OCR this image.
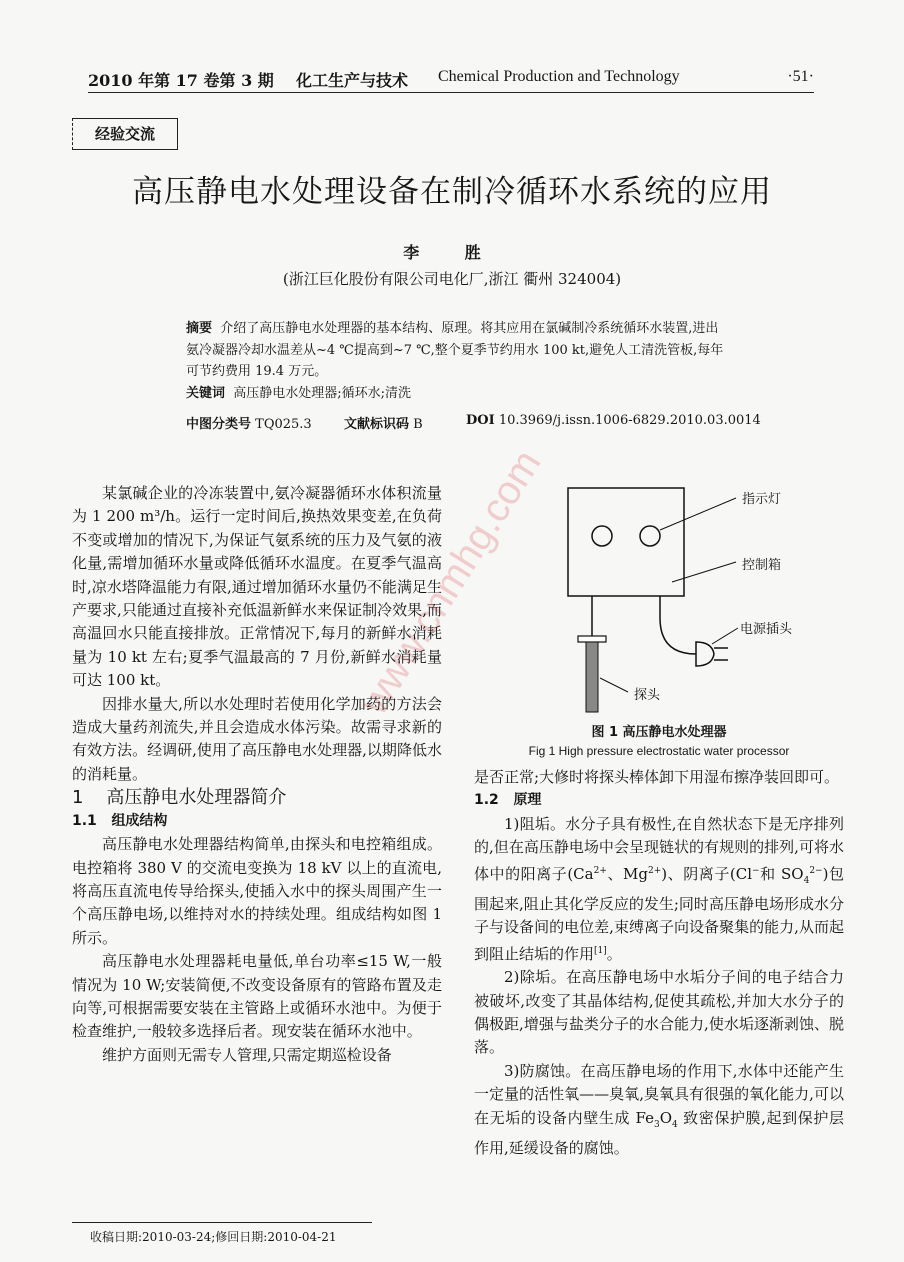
2010 年第 17 卷第 3 期 化工生产与技术 Chemical Production and Technology	·51·
经验交流
高压静电水处理设备在制冷循环水系统的应用
李 胜
(浙江巨化股份有限公司电化厂,浙江 衢州 324004)
摘要 介绍了高压静电水处理器的基本结构、原理。将其应用在氯碱制冷系统循环水装置,进出氨冷凝器冷却水温差从~4 ℃提高到~7 ℃,整个夏季节约用水 100 kt,避免人工清洗管板,每年可节约费用 19.4 万元。
关键词 高压静电水处理器;循环水;清洗
中图分类号 TQ025.3 文献标识码 B	DOI 10.3969/j.issn.1006-6829.2010.03.0014
www.cnmhg.com

某氯碱企业的冷冻装置中,氨冷凝器循环水体积流量为 1 200 m³/h。运行一定时间后,换热效果变差,在负荷不变或增加的情况下,为保证气氨系统的压力及气氨的液化量,需增加循环水量或降低循环水温度。在夏季气温高时,凉水塔降温能力有限,通过增加循环水量仍不能满足生产要求,只能通过直接补充低温新鲜水来保证制冷效果,而高温回水只能直接排放。正常情况下,每月的新鲜水消耗量为 10 kt 左右;夏季气温最高的 7 月份,新鲜水消耗量可达 100 kt。

因排水量大,所以水处理时若使用化学加药的方法会造成大量药剂流失,并且会造成水体污染。故需寻求新的有效方法。经调研,使用了高压静电水处理器,以期降低水的消耗量。

1 高压静电水处理器简介

1.1 组成结构

高压静电水处理器结构简单,由探头和电控箱组成。电控箱将 380 V 的交流电变换为 18 kV 以上的直流电,将高压直流电传导给探头,使插入水中的探头周围产生一个高压静电场,以维持对水的持续处理。组成结构如图 1 所示。

高压静电水处理器耗电量低,单台功率≤15 W,一般情况为 10 W;安装简便,不改变设备原有的管路布置及走向等,可根据需要安装在主管路上或循环水池中。为便于检查维护,一般较多选择后者。现安装在循环水池中。

维护方面则无需专人管理,只需定期巡检设备

指示灯
控制箱
电源插头
探头
图 1 高压静电水处理器
Fig 1 High pressure electrostatic water processor

是否正常;大修时将探头棒体卸下用湿布擦净装回即可。

1.2 原理

1)阻垢。水分子具有极性,在自然状态下是无序排列的,但在高压静电场中会呈现链状的有规则的排列,可将水体中的阳离子($Ca^{2+}$、$Mg^{2+}$)、阴离子(Cl−和 $SO_4^{2-}$)包围起来,阻止其化学反应的发生;同时高压静电场形成水分子与设备间的电位差,束缚离子向设备聚集的能力,从而起到阻止结垢的作用[1]。

2)除垢。在高压静电场中水垢分子间的电子结合力被破坏,改变了其晶体结构,促使其疏松,并加大水分子的偶极距,增强与盐类分子的水合能力,使水垢逐渐剥蚀、脱落。

3)防腐蚀。在高压静电场的作用下,水体中还能产生一定量的活性氧——臭氧,臭氧具有很强的氧化能力,可以在无垢的设备内壁生成 $Fe_3O_4$ 致密保护膜,起到保护层作用,延缓设备的腐蚀。

收稿日期:2010-03-24;修回日期:2010-04-21
